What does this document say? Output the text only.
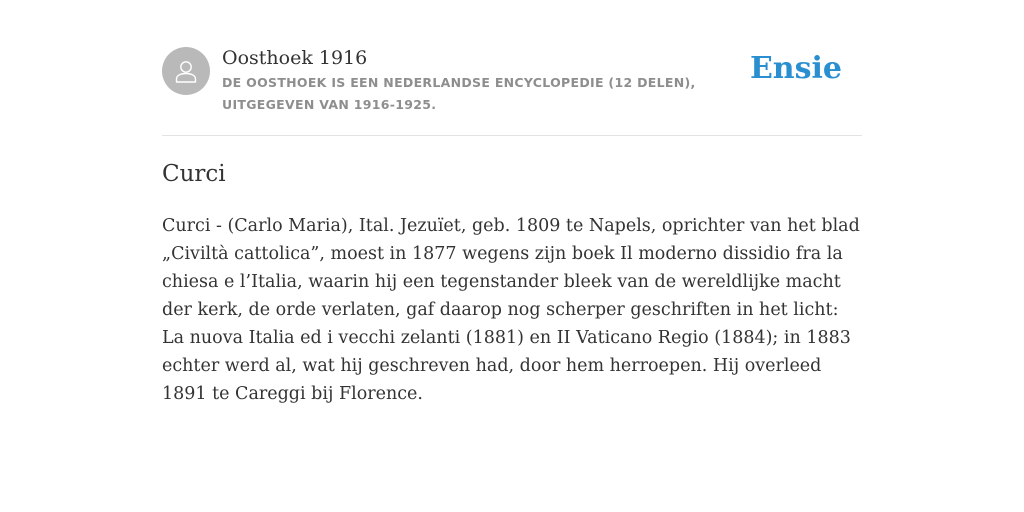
Oosthoek 1916
DE OOSTHOEK IS EEN NEDERLANDSE ENCYCLOPEDIE (12 DELEN), UITGEGEVEN VAN 1916-1925.
Ensie
Curci

Curci - (Carlo Maria), Ital. Jezuïet, geb. 1809 te Napels, oprichter van het blad „Civiltà cattolica”, moest in 1877 wegens zijn boek Il moderno dissidio fra la chiesa e l’Italia, waarin hij een tegenstander bleek van de wereldlijke macht der kerk, de orde verlaten, gaf daarop nog scherper geschriften in het licht: La nuova Italia ed i vecchi zelanti (1881) en II Vaticano Regio (1884); in 1883 echter werd al, wat hij geschreven had, door hem herroepen. Hij overleed 1891 te Careggi bij Florence.
